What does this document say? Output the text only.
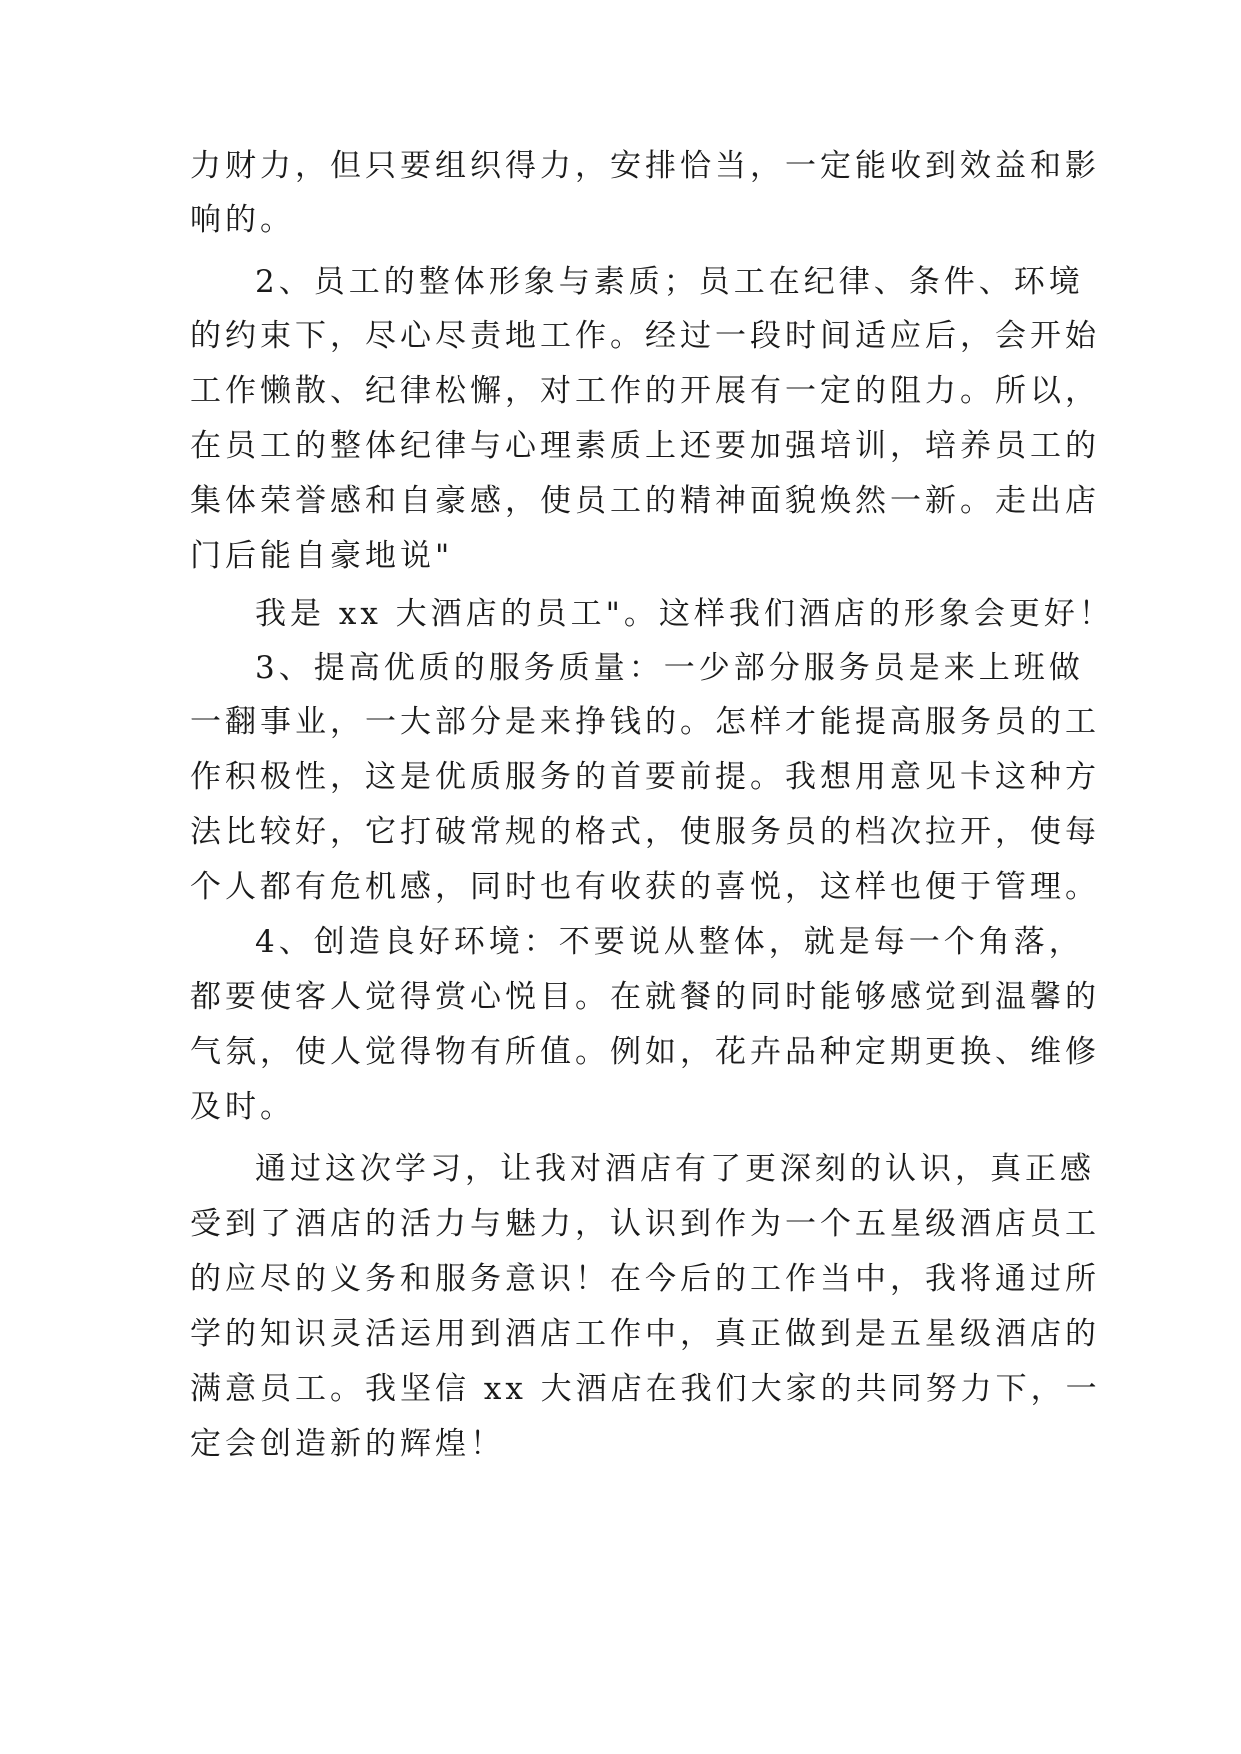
力财力，但只要组织得力，安排恰当，一定能收到效益和影
响的。
2、员工的整体形象与素质；员工在纪律、条件、环境
的约束下，尽心尽责地工作。经过一段时间适应后，会开始
工作懒散、纪律松懈，对工作的开展有一定的阻力。所以，
在员工的整体纪律与心理素质上还要加强培训，培养员工的
集体荣誉感和自豪感，使员工的精神面貌焕然一新。走出店
门后能自豪地说"
我是 xx 大酒店的员工"。这样我们酒店的形象会更好！
3、提高优质的服务质量：一少部分服务员是来上班做
一翻事业，一大部分是来挣钱的。怎样才能提高服务员的工
作积极性，这是优质服务的首要前提。我想用意见卡这种方
法比较好，它打破常规的格式，使服务员的档次拉开，使每
个人都有危机感，同时也有收获的喜悦，这样也便于管理。
4、创造良好环境：不要说从整体，就是每一个角落，
都要使客人觉得赏心悦目。在就餐的同时能够感觉到温馨的
气氛，使人觉得物有所值。例如，花卉品种定期更换、维修
及时。
通过这次学习，让我对酒店有了更深刻的认识，真正感
受到了酒店的活力与魅力，认识到作为一个五星级酒店员工
的应尽的义务和服务意识！在今后的工作当中，我将通过所
学的知识灵活运用到酒店工作中，真正做到是五星级酒店的
满意员工。我坚信 xx 大酒店在我们大家的共同努力下，一
定会创造新的辉煌！
